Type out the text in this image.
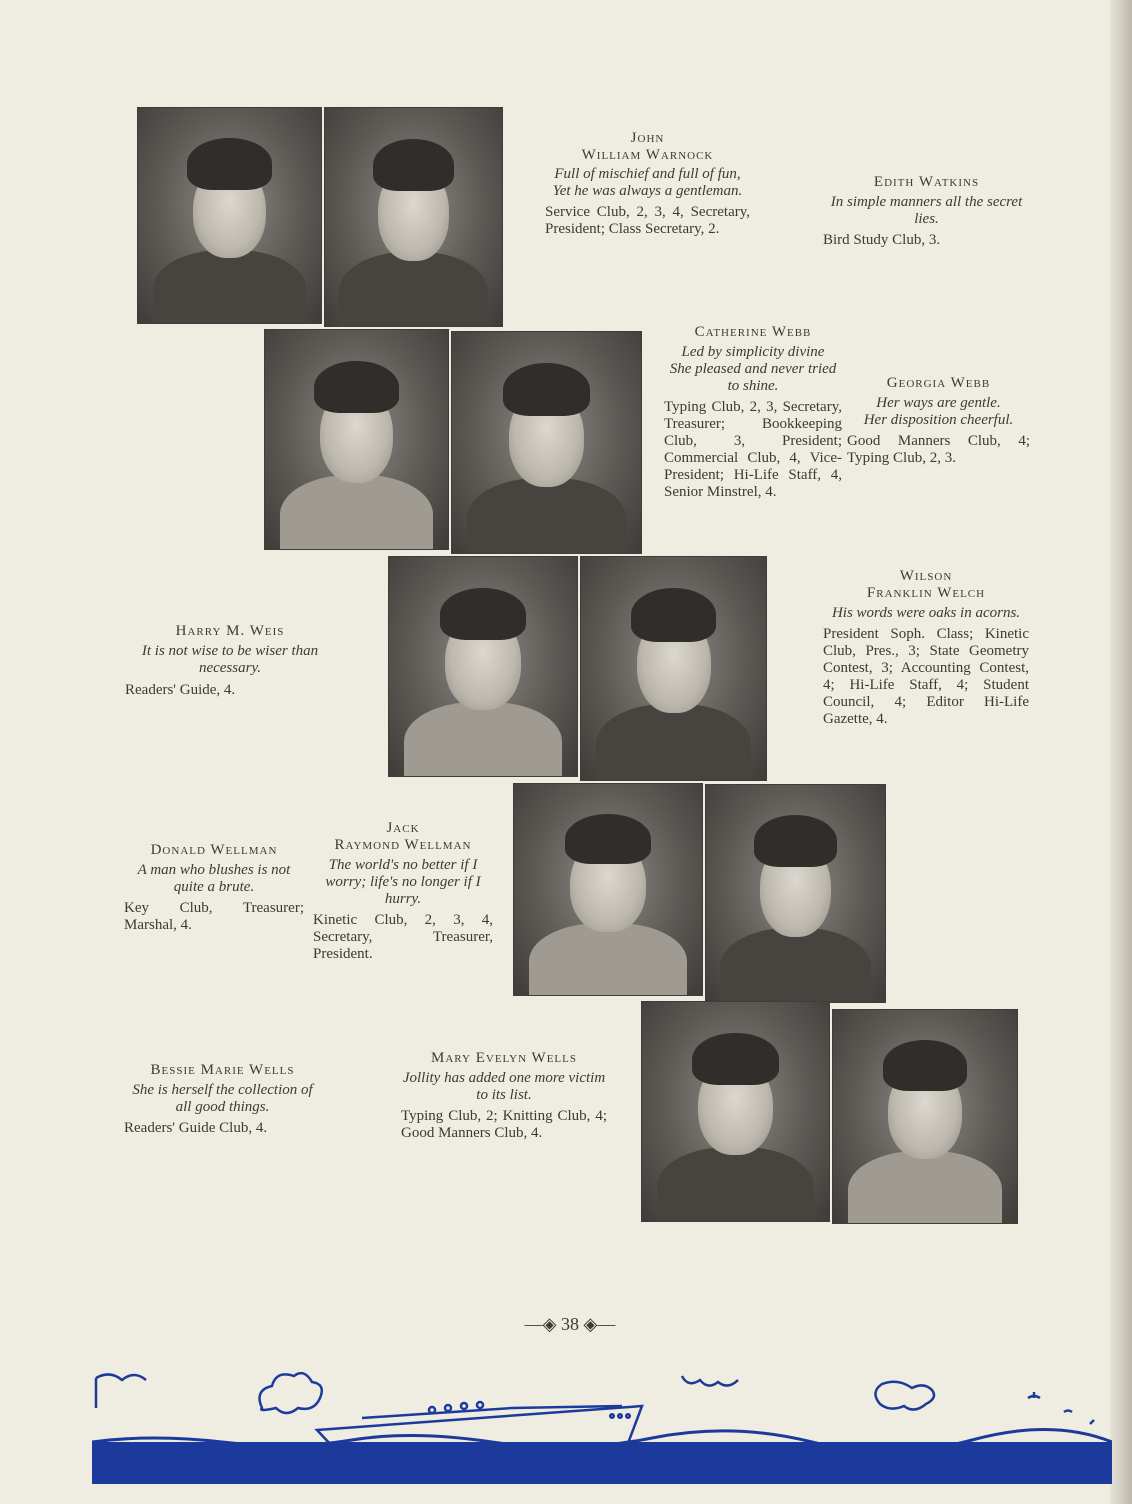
John
William Warnock
Full of mischief and full of fun,
Yet he was always a gentleman.
Service Club, 2, 3, 4, Secretary, President; Class Secretary, 2.
Edith Watkins
In simple manners all the secret lies.
Bird Study Club, 3.
Catherine Webb
Led by simplicity divine
She pleased and never tried to shine.
Typing Club, 2, 3, Secretary, Treasurer; Bookkeeping Club, 3, President; Commercial Club, 4, Vice-President; Hi-Life Staff, 4, Senior Minstrel, 4.
Georgia Webb
Her ways are gentle.
Her disposition cheerful.
Good Manners Club, 4; Typing Club, 2, 3.
Harry M. Weis
It is not wise to be wiser than necessary.
Readers' Guide, 4.
Wilson
Franklin Welch
His words were oaks in acorns.
President Soph. Class; Kinetic Club, Pres., 3; State Geometry Contest, 3; Accounting Contest, 4; Hi-Life Staff, 4; Student Council, 4; Editor Hi-Life Gazette, 4.
Donald Wellman
A man who blushes is not quite a brute.
Key Club, Treasurer; Marshal, 4.
Jack
Raymond Wellman
The world's no better if I worry; life's no longer if I hurry.
Kinetic Club, 2, 3, 4, Secretary, Treasurer, President.
Bessie Marie Wells
She is herself the collection of all good things.
Readers' Guide Club, 4.
Mary Evelyn Wells
Jollity has added one more victim to its list.
Typing Club, 2; Knitting Club, 4; Good Manners Club, 4.
―◈ 38 ◈―
